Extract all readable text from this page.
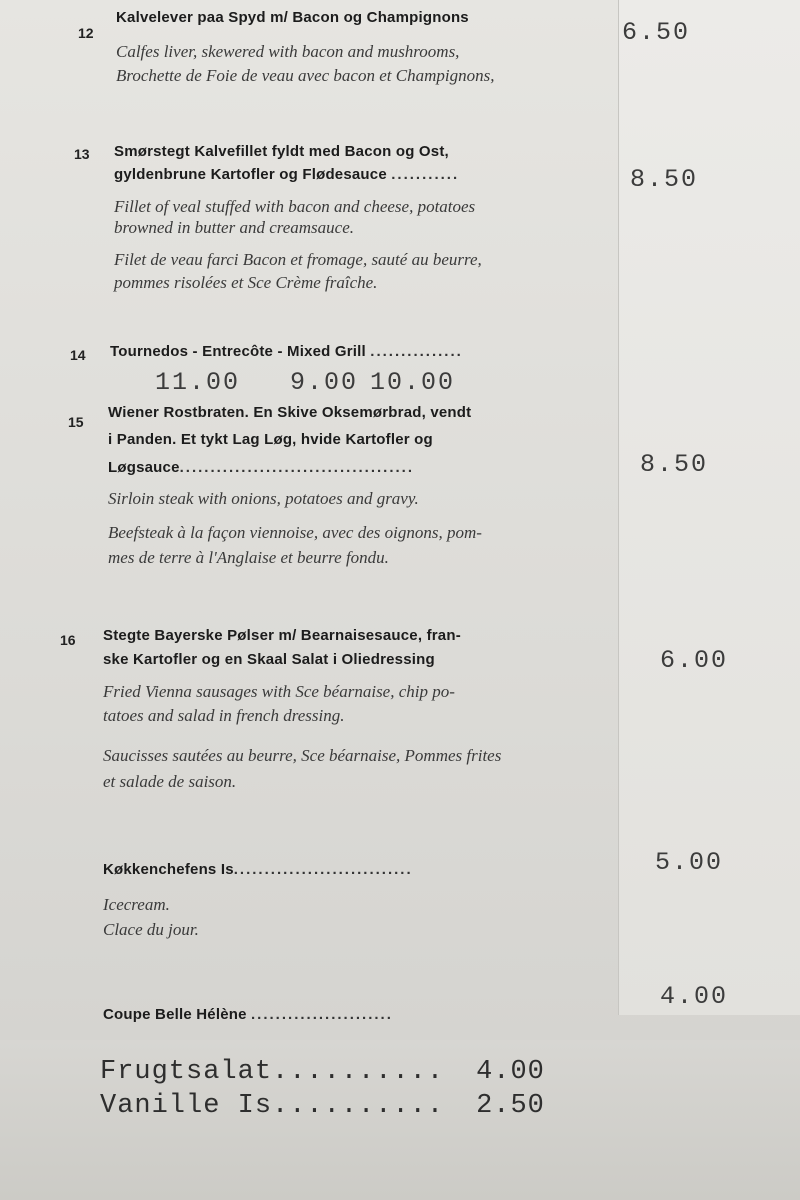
12
Kalvelever paa Spyd m/ Bacon og Champignons
Calfes liver, skewered with bacon and mushrooms,
Brochette de Foie de veau avec bacon et Champignons,
6.50
13 Smørstegt Kalvefillet fyldt med Bacon og Ost,
gyldenbrune Kartofler og Flødesauce ...........
Fillet of veal stuffed with bacon and cheese, potatoes
browned in butter and creamsauce.
Filet de veau farci Bacon et fromage, sauté au beurre,
pommes risolées et Sce Crème fraîche.
8.50
14 Tournedos - Entrecôte - Mixed Grill ...............
11.00 9.00 10.00
15
Wiener Rostbraten. En Skive Oksemørbrad, vendt
i Panden. Et tykt Lag Løg, hvide Kartofler og
Løgsauce......................................
Sirloin steak with onions, potatoes and gravy.
Beefsteak à la façon viennoise, avec des oignons, pom-
mes de terre à l'Anglaise et beurre fondu.
8.50
16 Stegte Bayerske Pølser m/ Bearnaisesauce, fran-
ske Kartofler og en Skaal Salat i Oliedressing
Fried Vienna sausages with Sce béarnaise, chip po-
tatoes and salad in french dressing.
Saucisses sautées au beurre, Sce béarnaise, Pommes frites
et salade de saison.
6.00
Køkkenchefens Is.............................
Icecream.
Clace du jour.
5.00
Coupe Belle Hélène .......................
4.00
Frugtsalat.......... 4.00
Vanille Is.......... 2.50
